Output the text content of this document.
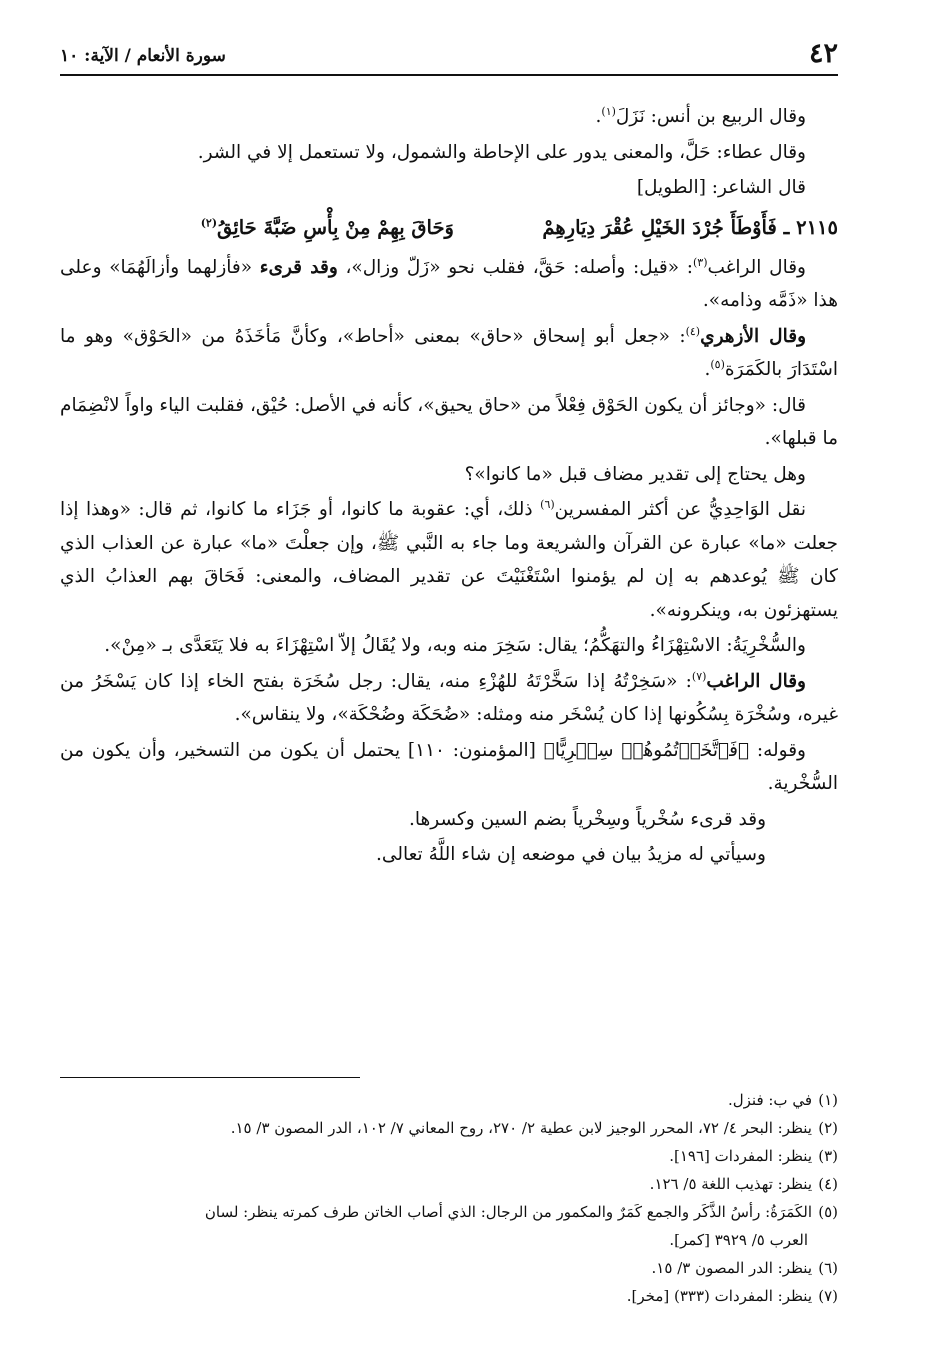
٤٢
سورة الأنعام / الآية: ١٠

وقال الربيع بن أنس: نَزَلَ$^{(١)}$.

وقال عطاء: حَلَّ، والمعنى يدور على الإحاطة والشمول، ولا تستعمل إلا في الشر.

قال الشاعر: [الطويل]

٢١١٥ ـ فَأَوْطَأَ جُرْدَ الخَيْلِ عُقْرَ دِيَارِهِمْ وَحَاقَ بِهِمْ مِنْ بِأْسِ ضَبَّةَ حَائِقُ$^{(٢)}$

وقال الراغب$^{(٣)}$: «قيل: وأصله: حَقَّ، فقلب نحو «زَلّ وزال»، وقد قرىء «فأزلهما وأزالَهُمَا» وعلى هذا «ذَمَّه وذامه».

وقال الأزهري$^{(٤)}$: «جعل أبو إسحاق «حاق» بمعنى «أحاط»، وكأنَّ مَأخَذَهُ من «الحَوْق» وهو ما اسْتَدَارَ بالكَمَرَة$^{(٥)}$.

قال: «وجائز أن يكون الحَوْق فِعْلاً من «حاق يحيق»، كأنه في الأصل: حُيْق، فقلبت الياء واواً لانْضِمَام ما قبلها».

وهل يحتاج إلى تقدير مضاف قبل «ما كانوا»؟

نقل الوَاحِدِيُّ عن أكثر المفسرين$^{(٦)}$ ذلك، أي: عقوبة ما كانوا، أو جَزَاء ما كانوا، ثم قال: «وهذا إذا جعلت «ما» عبارة عن القرآن والشريعة وما جاء به النَّبي ﷺ، وإن جعلْتَ «ما» عبارة عن العذاب الذي كان ﷺ يُوعدهم به إن لم يؤمنوا اسْتَغْنَيْتَ عن تقدير المضاف، والمعنى: فَحَاقَ بهم العذابُ الذي يستهزئون به، وينكرونه».

والسُّخْرِيَةُ: الاسْتِهْزَاءُ والتهَكُّمُ؛ يقال: سَخِرَ منه وبه، ولا يُقَالُ إلاّ اسْتِهْزَاءَ به فلا يَتَعَدَّى بـ «مِنْ».

وقال الراغب$^{(٧)}$: «سَخِرْتُهُ إذا سَخَّرْتَهُ للهُزْءِ منه، يقال: رجل سُخَرَة بفتح الخاء إذا كان يَسْخَرُ من غيره، وسُخْرَة بِسُكُونها إذا كان يُسْخَر منه ومثله: «ضُحَكَة وضُحْكَة»، ولا ينقاس».

وقوله: ﴿فَٱتَّخَذۡتُمُوهُمۡ سِخۡرِيًّا﴾ [المؤمنون: ١١٠] يحتمل أن يكون من التسخير، وأن يكون من السُّخْرية.

وقد قرىء سُخْرياً وسِخْرياً بضم السين وكسرها.

وسيأتي له مزيدُ بيان في موضعه إن شاء اللَّهُ تعالى.

(١)في ب: فنزل.
(٢)ينظر: البحر ٤/ ٧٢، المحرر الوجيز لابن عطية ٢/ ٢٧٠، روح المعاني ٧/ ١٠٢، الدر المصون ٣/ ١٥.
(٣)ينظر: المفردات [١٩٦].
(٤)ينظر: تهذيب اللغة ٥/ ١٢٦.
(٥)الكَمَرَةُ: رأسُ الذَّكَر والجمع كَمَرٌ والمكمور من الرجال: الذي أصاب الخاتن طرف كمرته ينظر: لسان
العرب ٥/ ٣٩٢٩ [كمر].
(٦)ينظر: الدر المصون ٣/ ١٥.
(٧)ينظر: المفردات (٣٣٣) [مخر].
